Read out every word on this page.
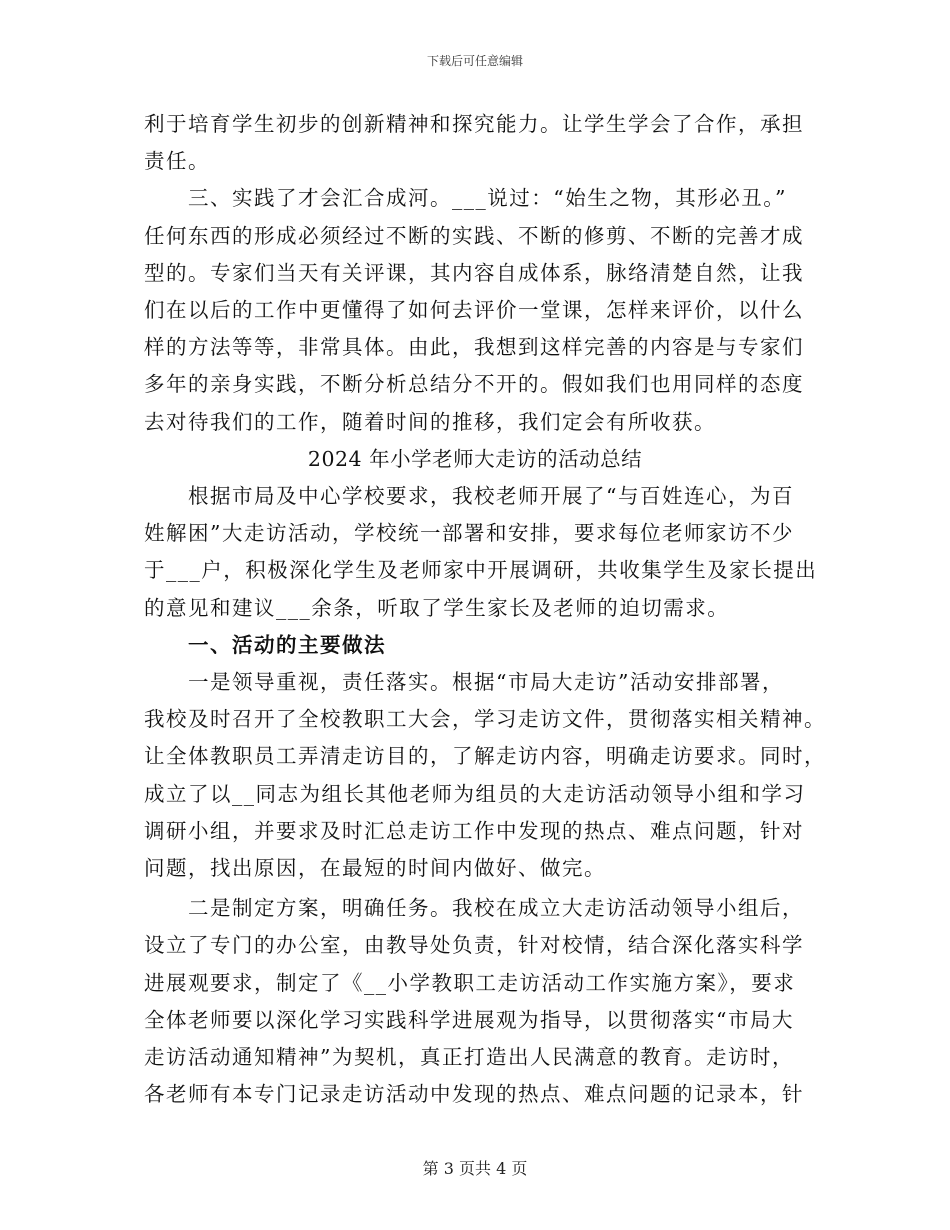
下载后可任意编辑

利于培育学生初步的创新精神和探究能力。让学生学会了合作，承担

责任。

三、实践了才会汇合成河。___说过：“始生之物，其形必丑。”

任何东西的形成必须经过不断的实践、不断的修剪、不断的完善才成

型的。专家们当天有关评课，其内容自成体系，脉络清楚自然，让我

们在以后的工作中更懂得了如何去评价一堂课，怎样来评价，以什么

样的方法等等，非常具体。由此，我想到这样完善的内容是与专家们

多年的亲身实践，不断分析总结分不开的。假如我们也用同样的态度

去对待我们的工作，随着时间的推移，我们定会有所收获。

2024 年小学老师大走访的活动总结

根据市局及中心学校要求，我校老师开展了“与百姓连心，为百

姓解困”大走访活动，学校统一部署和安排，要求每位老师家访不少

于___户，积极深化学生及老师家中开展调研，共收集学生及家长提出

的意见和建议___余条，听取了学生家长及老师的迫切需求。

一、活动的主要做法

一是领导重视，责任落实。根据“市局大走访”活动安排部署，

我校及时召开了全校教职工大会，学习走访文件，贯彻落实相关精神。

让全体教职员工弄清走访目的，了解走访内容，明确走访要求。同时，

成立了以__同志为组长其他老师为组员的大走访活动领导小组和学习

调研小组，并要求及时汇总走访工作中发现的热点、难点问题，针对

问题，找出原因，在最短的时间内做好、做完。

二是制定方案，明确任务。我校在成立大走访活动领导小组后，

设立了专门的办公室，由教导处负责，针对校情，结合深化落实科学

进展观要求，制定了《__小学教职工走访活动工作实施方案》，要求

全体老师要以深化学习实践科学进展观为指导，以贯彻落实“市局大

走访活动通知精神”为契机，真正打造出人民满意的教育。走访时，

各老师有本专门记录走访活动中发现的热点、难点问题的记录本，针

第 3 页共 4 页
